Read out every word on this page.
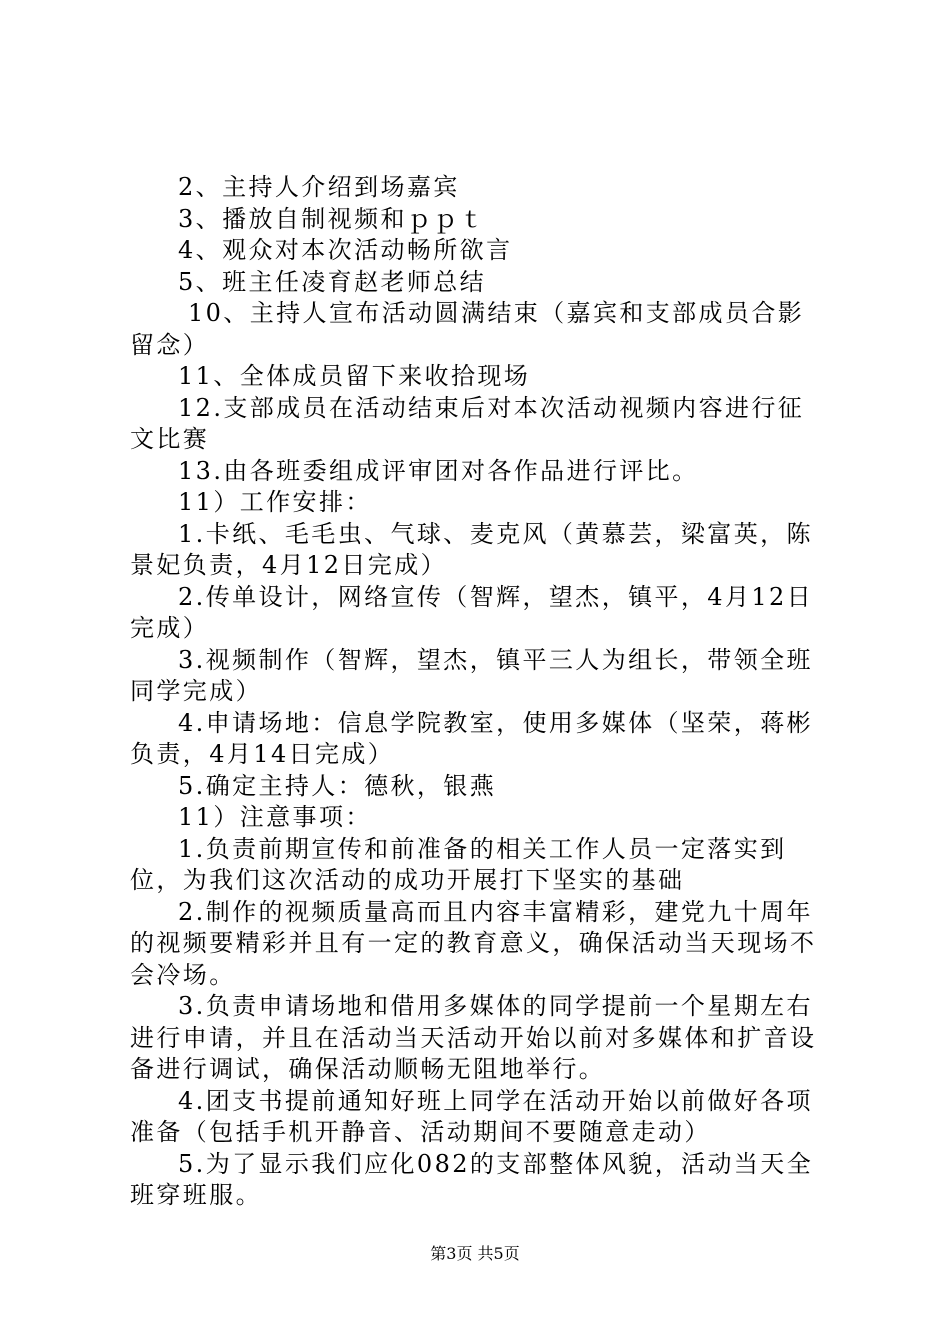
2、主持人介绍到场嘉宾

3、播放自制视频和ｐｐｔ

4、观众对本次活动畅所欲言

5、班主任凌育赵老师总结

10、主持人宣布活动圆满结束（嘉宾和支部成员合影留念）

11、全体成员留下来收拾现场

12.支部成员在活动结束后对本次活动视频内容进行征文比赛

13.由各班委组成评审团对各作品进行评比。

11）工作安排：

1.卡纸、毛毛虫、气球、麦克风（黄慕芸，梁富英，陈景妃负责，4月12日完成）

2.传单设计，网络宣传（智辉，望杰，镇平，4月12日完成）

3.视频制作（智辉，望杰，镇平三人为组长，带领全班同学完成）

4.申请场地：信息学院教室，使用多媒体（坚荣，蒋彬负责，4月14日完成）

5.确定主持人：德秋，银燕

11）注意事项：

1.负责前期宣传和前准备的相关工作人员一定落实到位，为我们这次活动的成功开展打下坚实的基础

2.制作的视频质量高而且内容丰富精彩，建党九十周年的视频要精彩并且有一定的教育意义，确保活动当天现场不会冷场。

3.负责申请场地和借用多媒体的同学提前一个星期左右进行申请，并且在活动当天活动开始以前对多媒体和扩音设备进行调试，确保活动顺畅无阻地举行。

4.团支书提前通知好班上同学在活动开始以前做好各项准备（包括手机开静音、活动期间不要随意走动）

5.为了显示我们应化082的支部整体风貌，活动当天全班穿班服。

第3页 共5页
